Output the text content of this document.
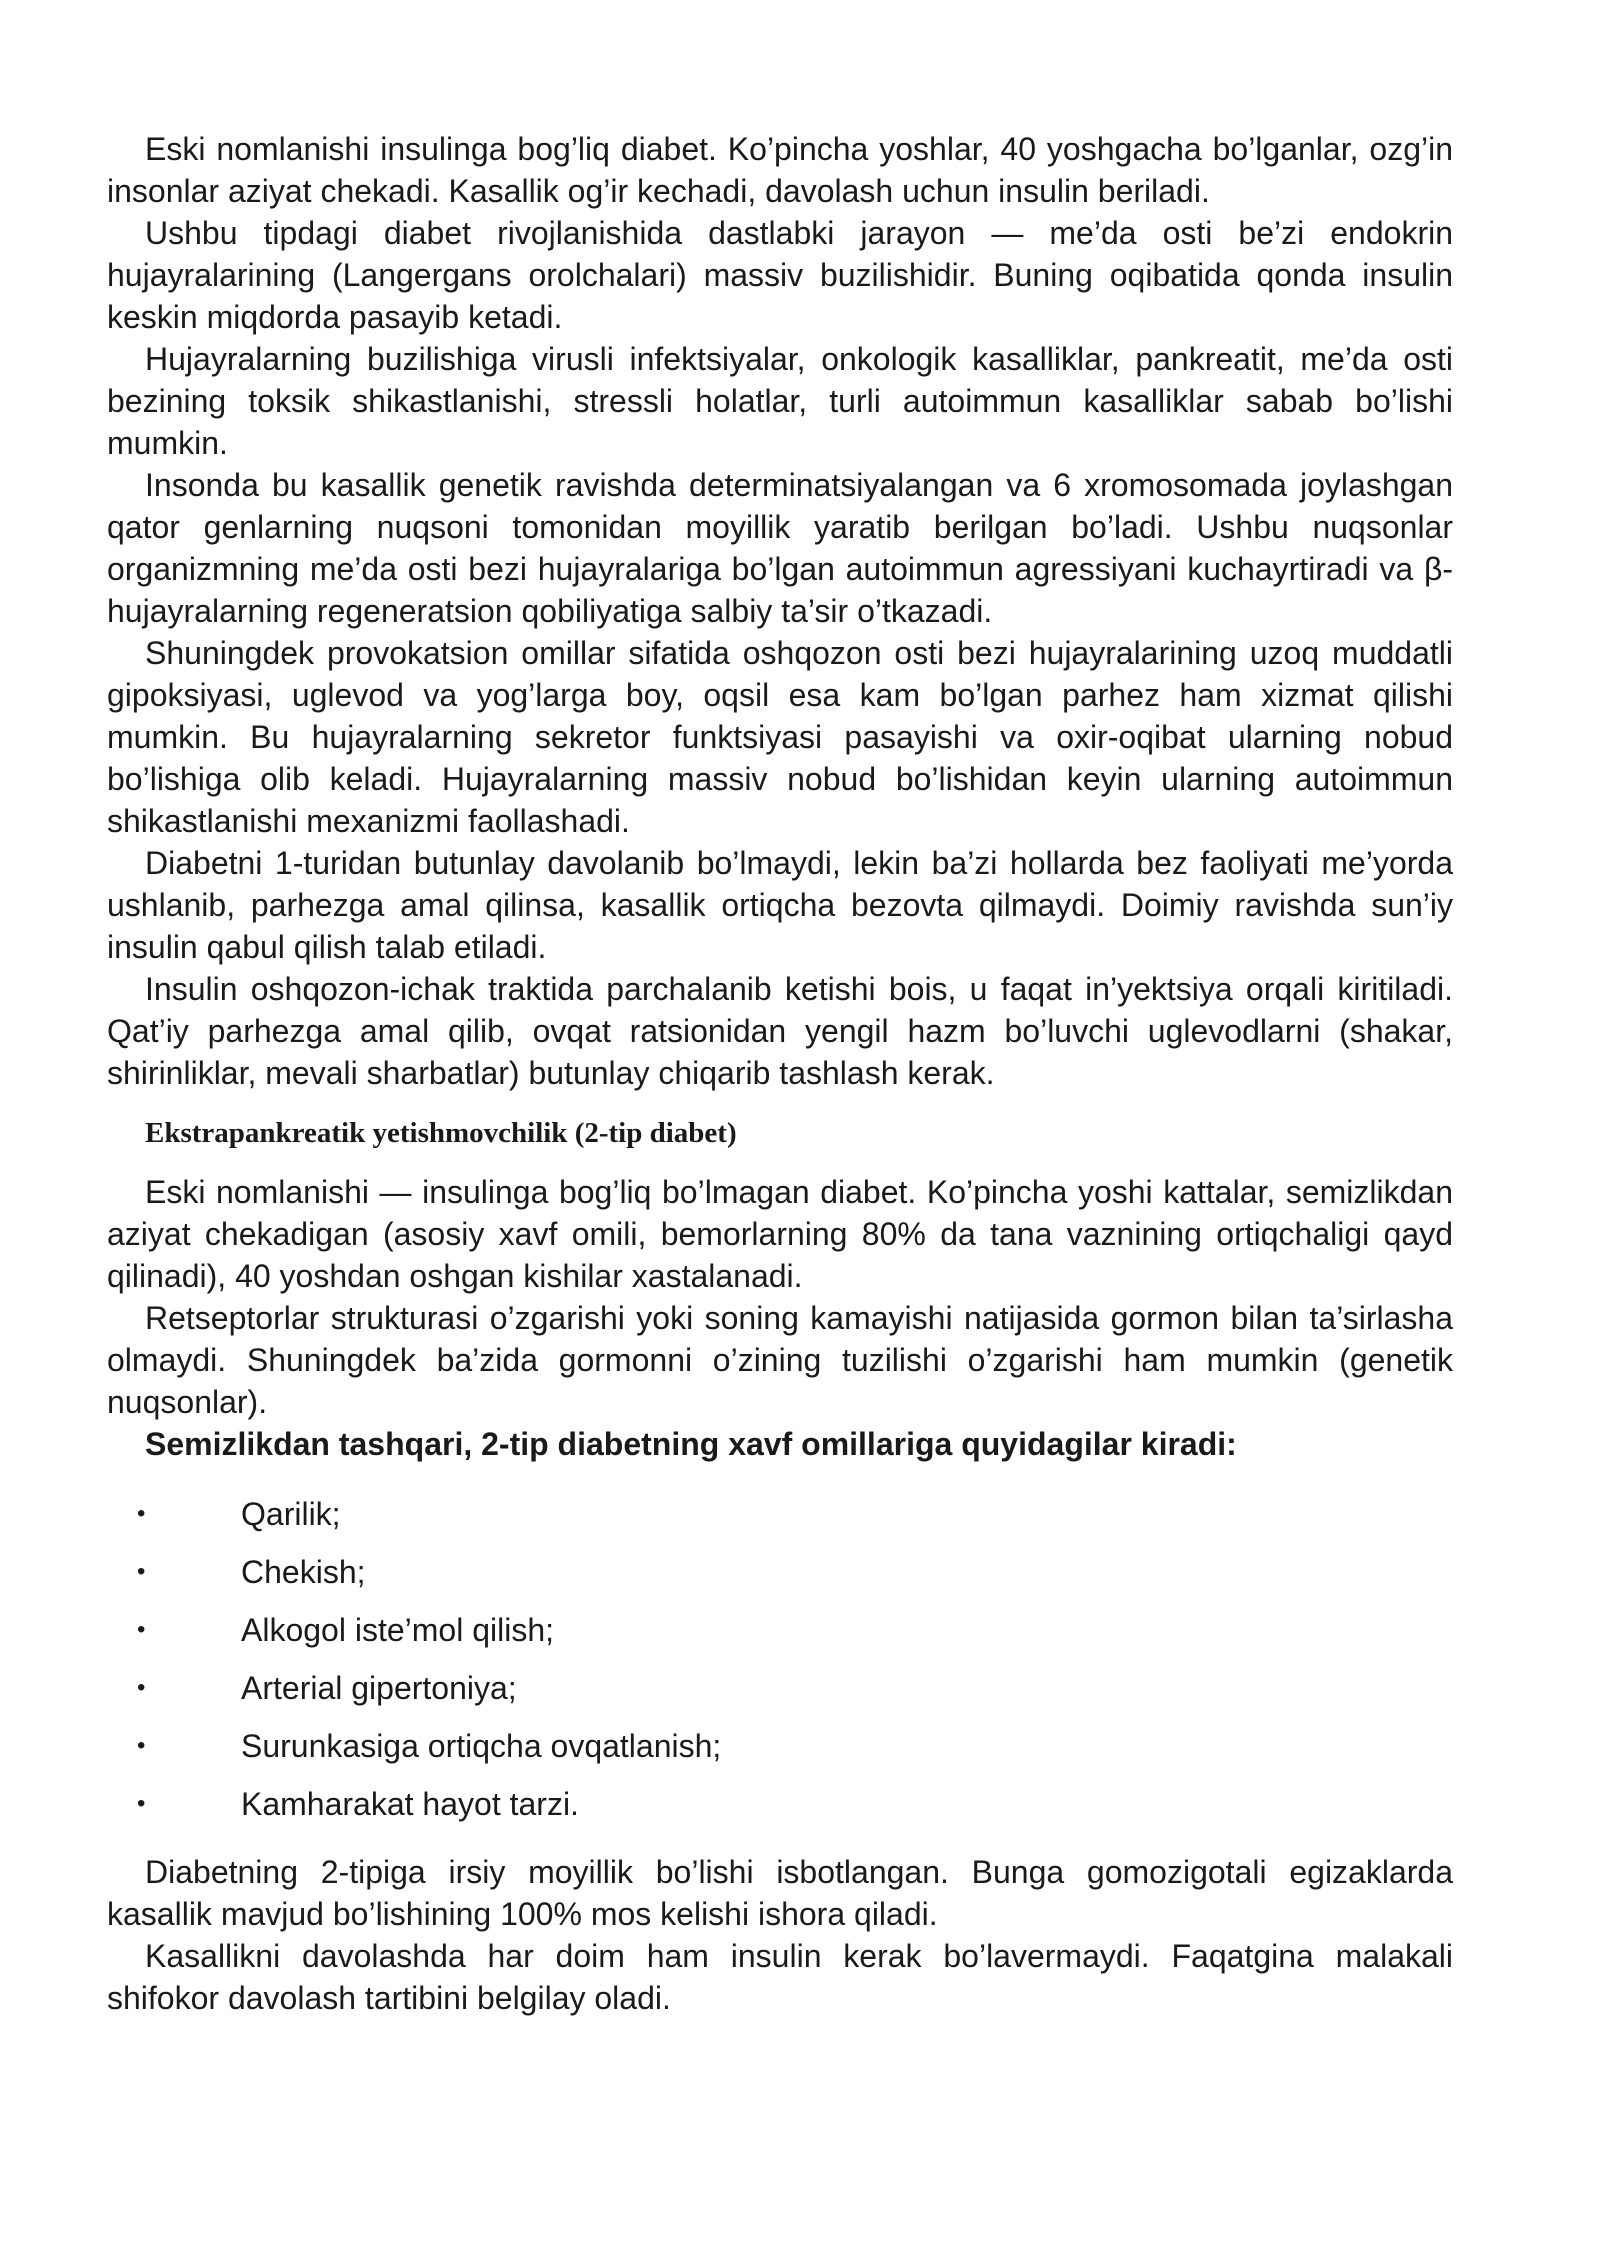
Eski nomlanishi insulinga bog’liq diabet. Ko’pincha yoshlar, 40 yoshgacha bo’lganlar, ozg’in insonlar aziyat chekadi. Kasallik og’ir kechadi, davolash uchun insulin beriladi.

Ushbu tipdagi diabet rivojlanishida dastlabki jarayon — me’da osti be’zi endokrin hujayralarining (Langergans orolchalari) massiv buzilishidir. Buning oqibatida qonda insulin keskin miqdorda pasayib ketadi.

Hujayralarning buzilishiga virusli infektsiyalar, onkologik kasalliklar, pankreatit, me’da osti bezining toksik shikastlanishi, stressli holatlar, turli autoimmun kasalliklar sabab bo’lishi mumkin.

Insonda bu kasallik genetik ravishda determinatsiyalangan va 6 xromosomada joylashgan qator genlarning nuqsoni tomonidan moyillik yaratib berilgan bo’ladi. Ushbu nuqsonlar organizmning me’da osti bezi hujayralariga bo’lgan autoimmun agressiyani kuchayrtiradi va β-hujayralarning regeneratsion qobiliyatiga salbiy ta’sir o’tkazadi.

Shuningdek provokatsion omillar sifatida oshqozon osti bezi hujayralarining uzoq muddatli gipoksiyasi, uglevod va yog’larga boy, oqsil esa kam bo’lgan parhez ham xizmat qilishi mumkin. Bu hujayralarning sekretor funktsiyasi pasayishi va oxir-oqibat ularning nobud bo’lishiga olib keladi. Hujayralarning massiv nobud bo’lishidan keyin ularning autoimmun shikastlanishi mexanizmi faollashadi.

Diabetni 1-turidan butunlay davolanib bo’lmaydi, lekin ba’zi hollarda bez faoliyati me’yorda ushlanib, parhezga amal qilinsa, kasallik ortiqcha bezovta qilmaydi. Doimiy ravishda sun’iy insulin qabul qilish talab etiladi.

Insulin oshqozon-ichak traktida parchalanib ketishi bois, u faqat in’yektsiya orqali kiritiladi. Qat’iy parhezga amal qilib, ovqat ratsionidan yengil hazm bo’luvchi uglevodlarni (shakar, shirinliklar, mevali sharbatlar) butunlay chiqarib tashlash kerak.

Ekstrapankreatik yetishmovchilik (2-tip diabet)

Eski nomlanishi — insulinga bog’liq bo’lmagan diabet. Ko’pincha yoshi kattalar, semizlikdan aziyat chekadigan (asosiy xavf omili, bemorlarning 80% da tana vaznining ortiqchaligi qayd qilinadi), 40 yoshdan oshgan kishilar xastalanadi.

Retseptorlar strukturasi o’zgarishi yoki soning kamayishi natijasida gormon bilan ta’sirlasha olmaydi. Shuningdek ba’zida gormonni o’zining tuzilishi o’zgarishi ham mumkin (genetik nuqsonlar).

Semizlikdan tashqari, 2-tip diabetning xavf omillariga quyidagilar kiradi:

•	Qarilik;
•	Chekish;
•	Alkogol iste’mol qilish;
•	Arterial gipertoniya;
•	Surunkasiga ortiqcha ovqatlanish;
•	Kamharakat hayot tarzi.

Diabetning 2-tipiga irsiy moyillik bo’lishi isbotlangan. Bunga gomozigotali egizaklarda kasallik mavjud bo’lishining 100% mos kelishi ishora qiladi.

Kasallikni davolashda har doim ham insulin kerak bo’lavermaydi. Faqatgina malakali shifokor davolash tartibini belgilay oladi.
